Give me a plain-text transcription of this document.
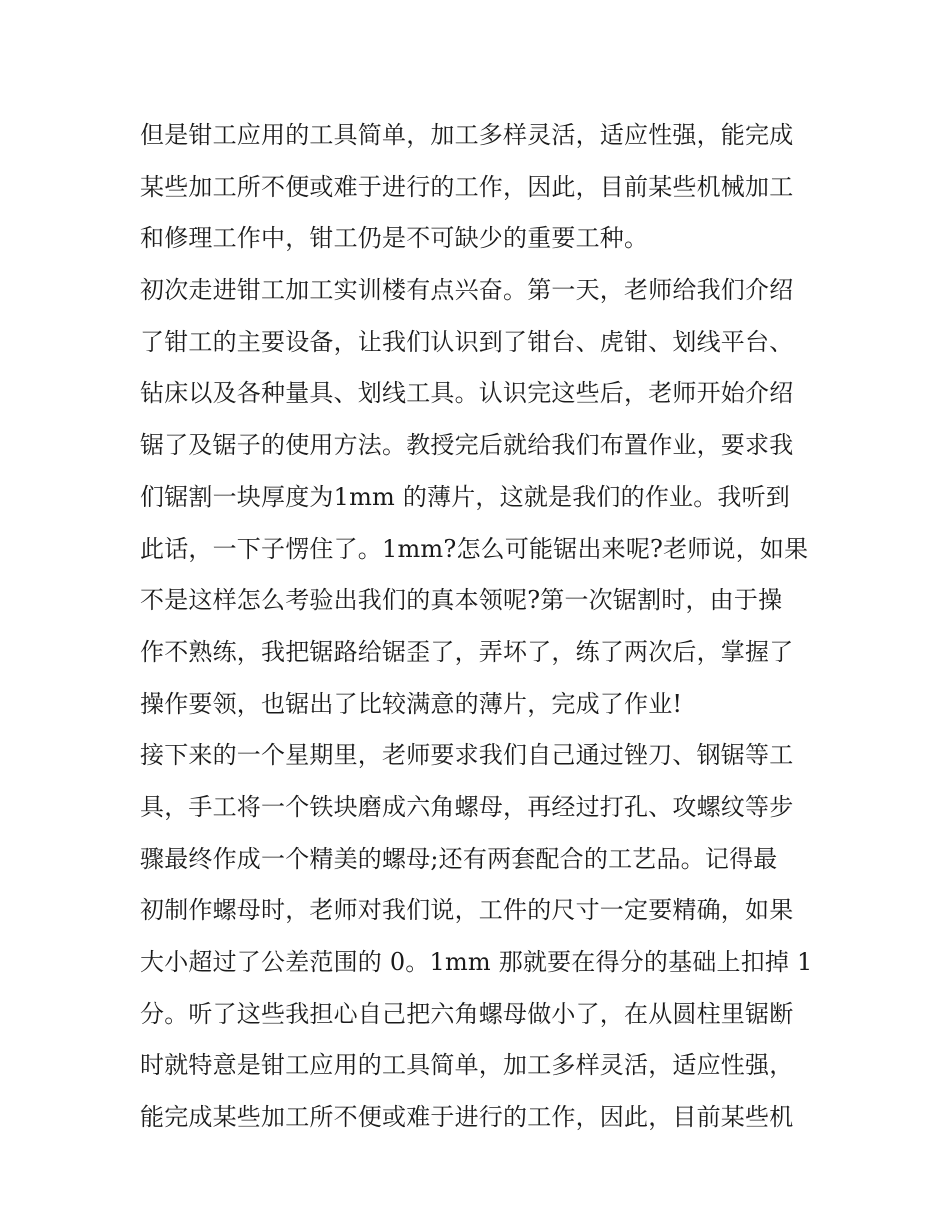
但是钳工应用的工具简单，加工多样灵活，适应性强，能完成
某些加工所不便或难于进行的工作，因此，目前某些机械加工
和修理工作中，钳工仍是不可缺少的重要工种。
初次走进钳工加工实训楼有点兴奋。第一天，老师给我们介绍
了钳工的主要设备，让我们认识到了钳台、虎钳、划线平台、
钻床以及各种量具、划线工具。认识完这些后，老师开始介绍
锯了及锯子的使用方法。教授完后就给我们布置作业，要求我
们锯割一块厚度为1mm 的薄片，这就是我们的作业。我听到
此话，一下子愣住了。1mm?怎么可能锯出来呢?老师说，如果
不是这样怎么考验出我们的真本领呢?第一次锯割时，由于操
作不熟练，我把锯路给锯歪了，弄坏了，练了两次后，掌握了
操作要领，也锯出了比较满意的薄片，完成了作业!
接下来的一个星期里，老师要求我们自己通过锉刀、钢锯等工
具，手工将一个铁块磨成六角螺母，再经过打孔、攻螺纹等步
骤最终作成一个精美的螺母;还有两套配合的工艺品。记得最
初制作螺母时，老师对我们说，工件的尺寸一定要精确，如果
大小超过了公差范围的 0。1mm 那就要在得分的基础上扣掉 1
分。听了这些我担心自己把六角螺母做小了，在从圆柱里锯断
时就特意是钳工应用的工具简单，加工多样灵活，适应性强，
能完成某些加工所不便或难于进行的工作，因此，目前某些机
